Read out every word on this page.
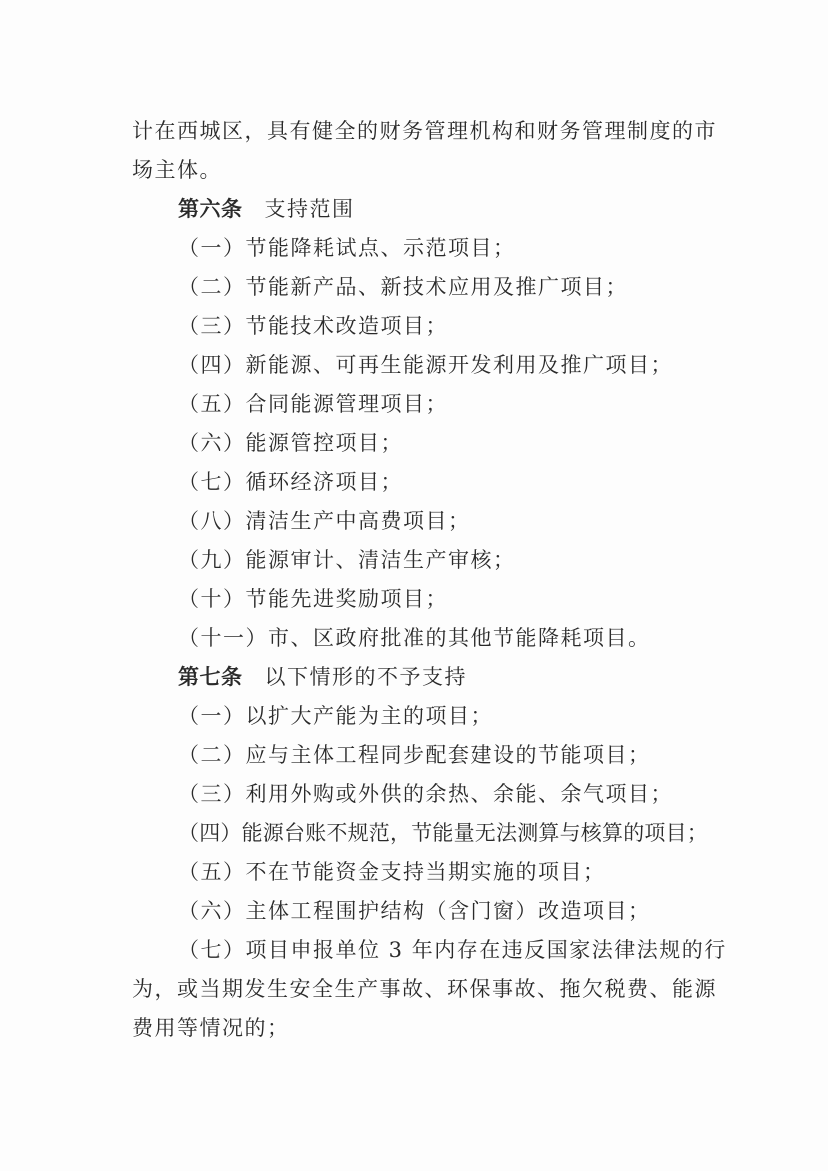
计在西城区，具有健全的财务管理机构和财务管理制度的市
场主体。
第六条 支持范围
（一）节能降耗试点、示范项目；
（二）节能新产品、新技术应用及推广项目；
（三）节能技术改造项目；
（四）新能源、可再生能源开发利用及推广项目；
（五）合同能源管理项目；
（六）能源管控项目；
（七）循环经济项目；
（八）清洁生产中高费项目；
（九）能源审计、清洁生产审核；
（十）节能先进奖励项目；
（十一）市、区政府批准的其他节能降耗项目。
第七条 以下情形的不予支持
（一）以扩大产能为主的项目；
（二）应与主体工程同步配套建设的节能项目；
（三）利用外购或外供的余热、余能、余气项目；
（四）能源台账不规范，节能量无法测算与核算的项目；
（五）不在节能资金支持当期实施的项目；
（六）主体工程围护结构（含门窗）改造项目；
（七）项目申报单位 3 年内存在违反国家法律法规的行
为，或当期发生安全生产事故、环保事故、拖欠税费、能源
费用等情况的；
